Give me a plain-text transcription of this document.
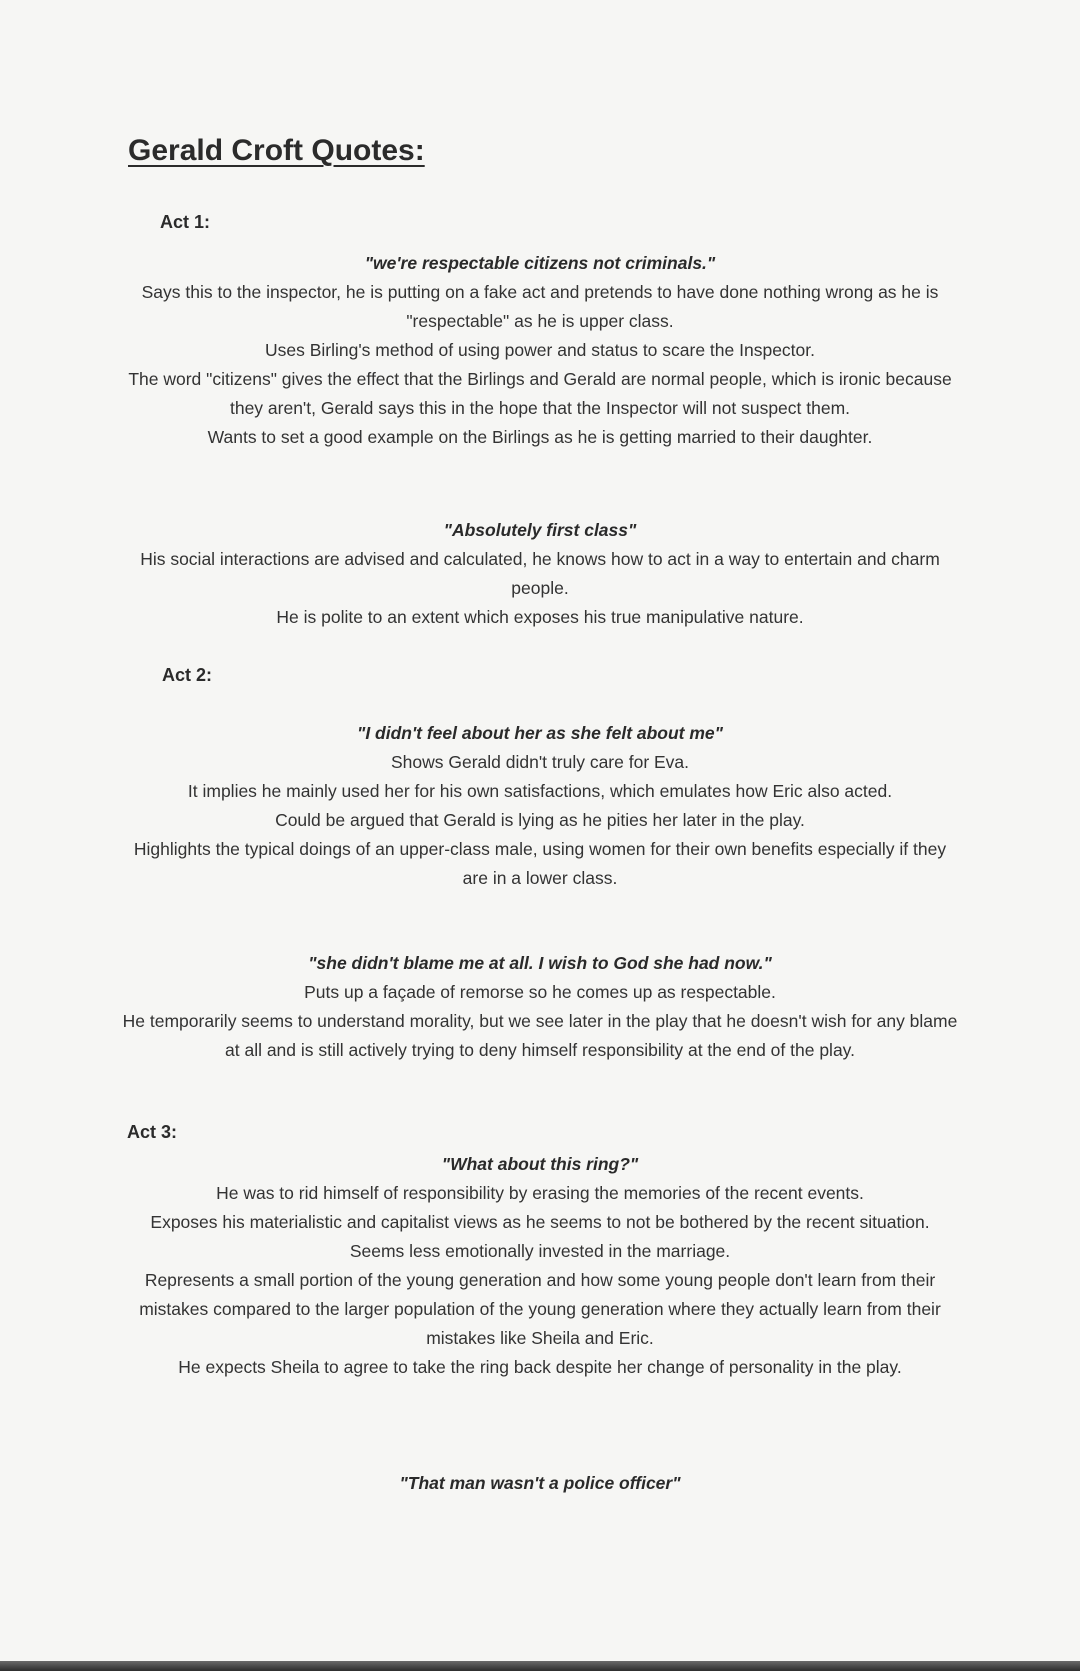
Gerald Croft Quotes:
Act 1:

"we're respectable citizens not criminals."

Says this to the inspector, he is putting on a fake act and pretends to have done nothing wrong as he is "respectable" as he is upper class.

Uses Birling's method of using power and status to scare the Inspector.

The word "citizens" gives the effect that the Birlings and Gerald are normal people, which is ironic because they aren't, Gerald says this in the hope that the Inspector will not suspect them.

Wants to set a good example on the Birlings as he is getting married to their daughter.

"Absolutely first class"

His social interactions are advised and calculated, he knows how to act in a way to entertain and charm people.

He is polite to an extent which exposes his true manipulative nature.

Act 2:

"I didn't feel about her as she felt about me"

Shows Gerald didn't truly care for Eva.

It implies he mainly used her for his own satisfactions, which emulates how Eric also acted.

Could be argued that Gerald is lying as he pities her later in the play.

Highlights the typical doings of an upper-class male, using women for their own benefits especially if they are in a lower class.

"she didn't blame me at all. I wish to God she had now."

Puts up a façade of remorse so he comes up as respectable.

He temporarily seems to understand morality, but we see later in the play that he doesn't wish for any blame at all and is still actively trying to deny himself responsibility at the end of the play.

Act 3:

"What about this ring?"

He was to rid himself of responsibility by erasing the memories of the recent events.

Exposes his materialistic and capitalist views as he seems to not be bothered by the recent situation.

Seems less emotionally invested in the marriage.

Represents a small portion of the young generation and how some young people don't learn from their mistakes compared to the larger population of the young generation where they actually learn from their mistakes like Sheila and Eric.

He expects Sheila to agree to take the ring back despite her change of personality in the play.

"That man wasn't a police officer"
